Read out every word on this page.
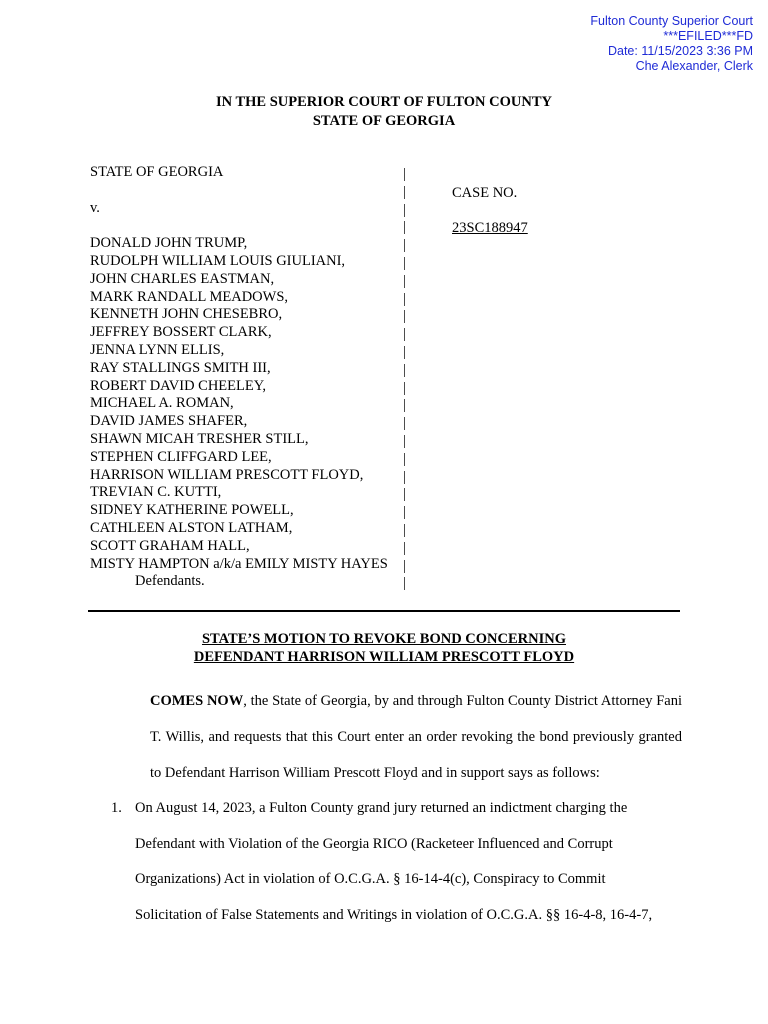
Fulton County Superior Court
***EFILED***FD
Date: 11/15/2023 3:36 PM
Che Alexander, Clerk
IN THE SUPERIOR COURT OF FULTON COUNTY
STATE OF GEORGIA
STATE OF GEORGIA
v.
DONALD JOHN TRUMP,
RUDOLPH WILLIAM LOUIS GIULIANI,
JOHN CHARLES EASTMAN,
MARK RANDALL MEADOWS,
KENNETH JOHN CHESEBRO,
JEFFREY BOSSERT CLARK,
JENNA LYNN ELLIS,
RAY STALLINGS SMITH III,
ROBERT DAVID CHEELEY,
MICHAEL A. ROMAN,
DAVID JAMES SHAFER,
SHAWN MICAH TRESHER STILL,
STEPHEN CLIFFGARD LEE,
HARRISON WILLIAM PRESCOTT FLOYD,
TREVIAN C. KUTTI,
SIDNEY KATHERINE POWELL,
CATHLEEN ALSTON LATHAM,
SCOTT GRAHAM HALL,
MISTY HAMPTON a/k/a EMILY MISTY HAYES
Defendants.
|
|
|
|
|
|
|
|
|
|
|
|
|
|
|
|
|
|
|
|
|
|
|
|
CASE NO.
23SC188947
STATE’S MOTION TO REVOKE BOND CONCERNING
DEFENDANT HARRISON WILLIAM PRESCOTT FLOYD
COMES NOW, the State of Georgia, by and through Fulton County District Attorney Fani T. Willis, and requests that this Court enter an order revoking the bond previously granted to Defendant Harrison William Prescott Floyd and in support says as follows:
1. On August 14, 2023, a Fulton County grand jury returned an indictment charging the
Defendant with Violation of the Georgia RICO (Racketeer Influenced and Corrupt
Organizations) Act in violation of O.C.G.A. § 16-14-4(c), Conspiracy to Commit
Solicitation of False Statements and Writings in violation of O.C.G.A. §§ 16-4-8, 16-4-7,
